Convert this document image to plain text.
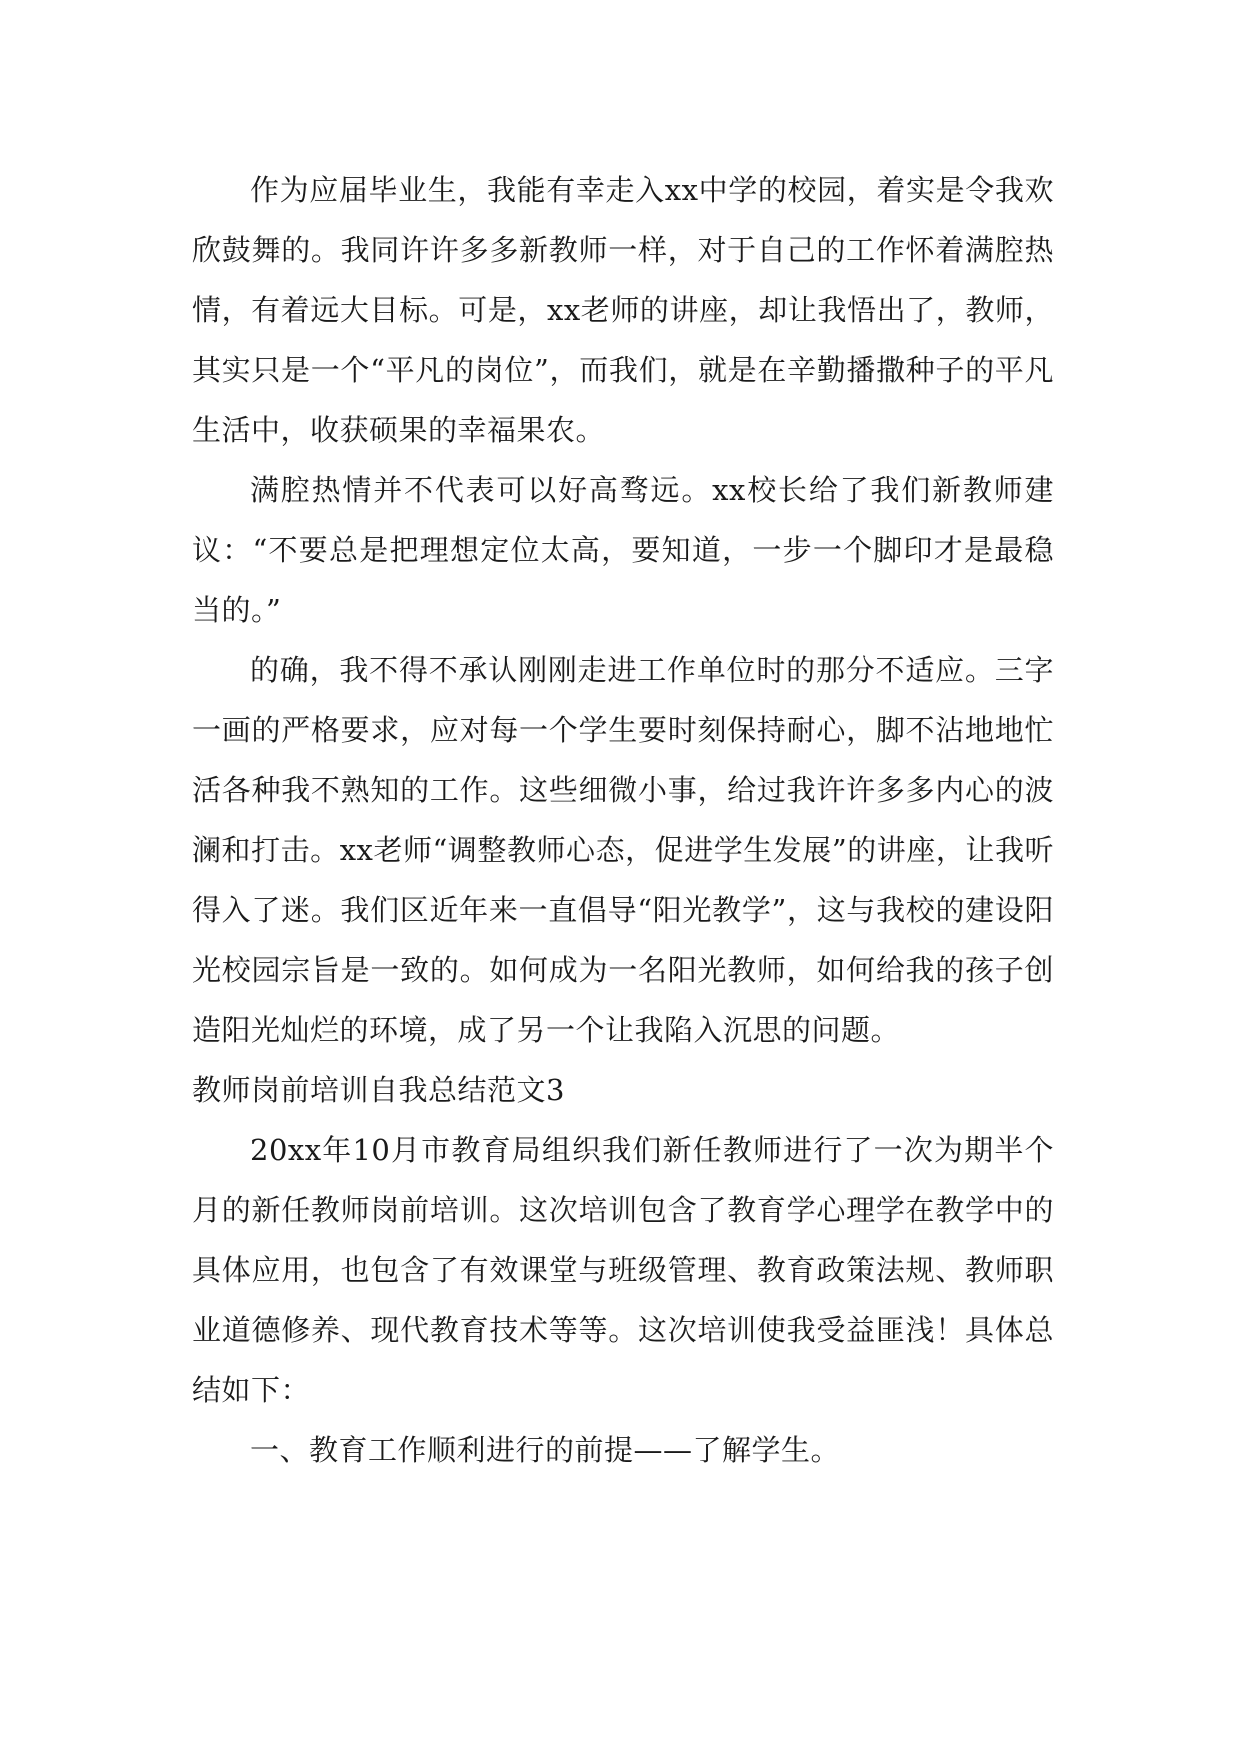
作为应届毕业生，我能有幸走入xx中学的校园，着实是令我欢欣鼓舞的。我同许许多多新教师一样，对于自己的工作怀着满腔热情，有着远大目标。可是，xx老师的讲座，却让我悟出了，教师，其实只是一个“平凡的岗位”，而我们，就是在辛勤播撒种子的平凡生活中，收获硕果的幸福果农。

满腔热情并不代表可以好高骛远。xx校长给了我们新教师建议：“不要总是把理想定位太高，要知道，一步一个脚印才是最稳当的。”

的确，我不得不承认刚刚走进工作单位时的那分不适应。三字一画的严格要求，应对每一个学生要时刻保持耐心，脚不沾地地忙活各种我不熟知的工作。这些细微小事，给过我许许多多内心的波澜和打击。xx老师“调整教师心态，促进学生发展”的讲座，让我听得入了迷。我们区近年来一直倡导“阳光教学”，这与我校的建设阳光校园宗旨是一致的。如何成为一名阳光教师，如何给我的孩子创造阳光灿烂的环境，成了另一个让我陷入沉思的问题。

教师岗前培训自我总结范文3

20xx年10月市教育局组织我们新任教师进行了一次为期半个月的新任教师岗前培训。这次培训包含了教育学心理学在教学中的具体应用，也包含了有效课堂与班级管理、教育政策法规、教师职业道德修养、现代教育技术等等。这次培训使我受益匪浅！具体总结如下：

一、教育工作顺利进行的前提——了解学生。
